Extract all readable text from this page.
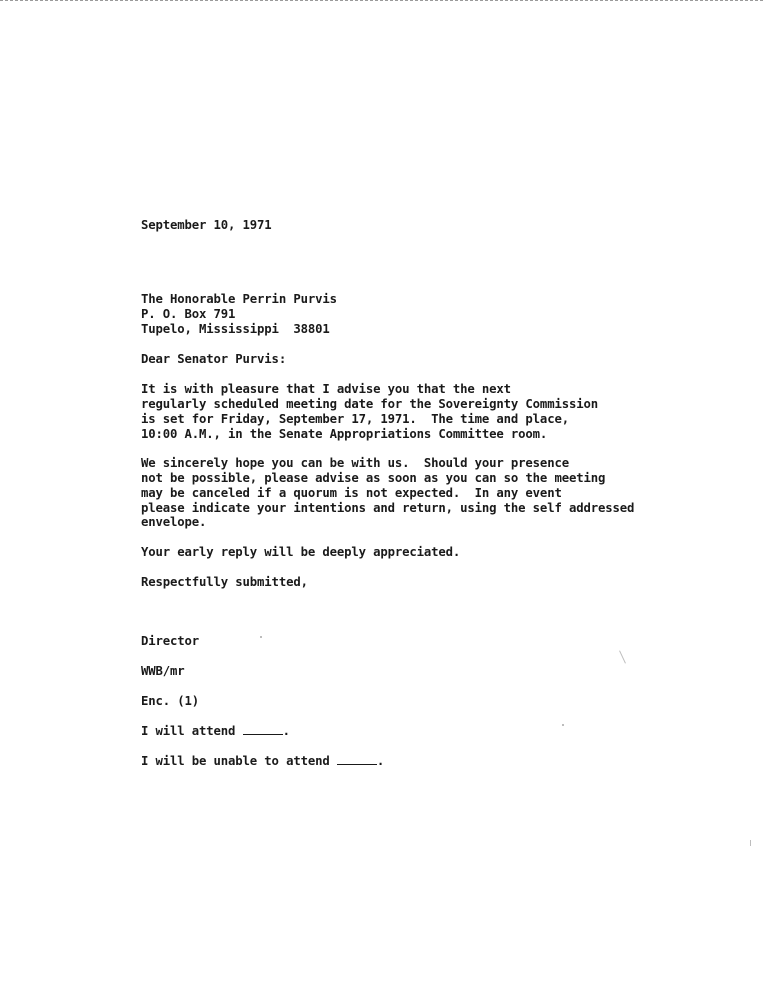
September 10, 1971
The Honorable Perrin Purvis
P. O. Box 791
Tupelo, Mississippi  38801
Dear Senator Purvis:
It is with pleasure that I advise you that the next
regularly scheduled meeting date for the Sovereignty Commission
is set for Friday, September 17, 1971.  The time and place,
10:00 A.M., in the Senate Appropriations Committee room.
We sincerely hope you can be with us.  Should your presence
not be possible, please advise as soon as you can so the meeting
may be canceled if a quorum is not expected.  In any event
please indicate your intentions and return, using the self addressed
envelope.
Your early reply will be deeply appreciated.
Respectfully submitted,
Director
WWB/mr
Enc. (1)
I will attend	.
I will be unable to attend	.
